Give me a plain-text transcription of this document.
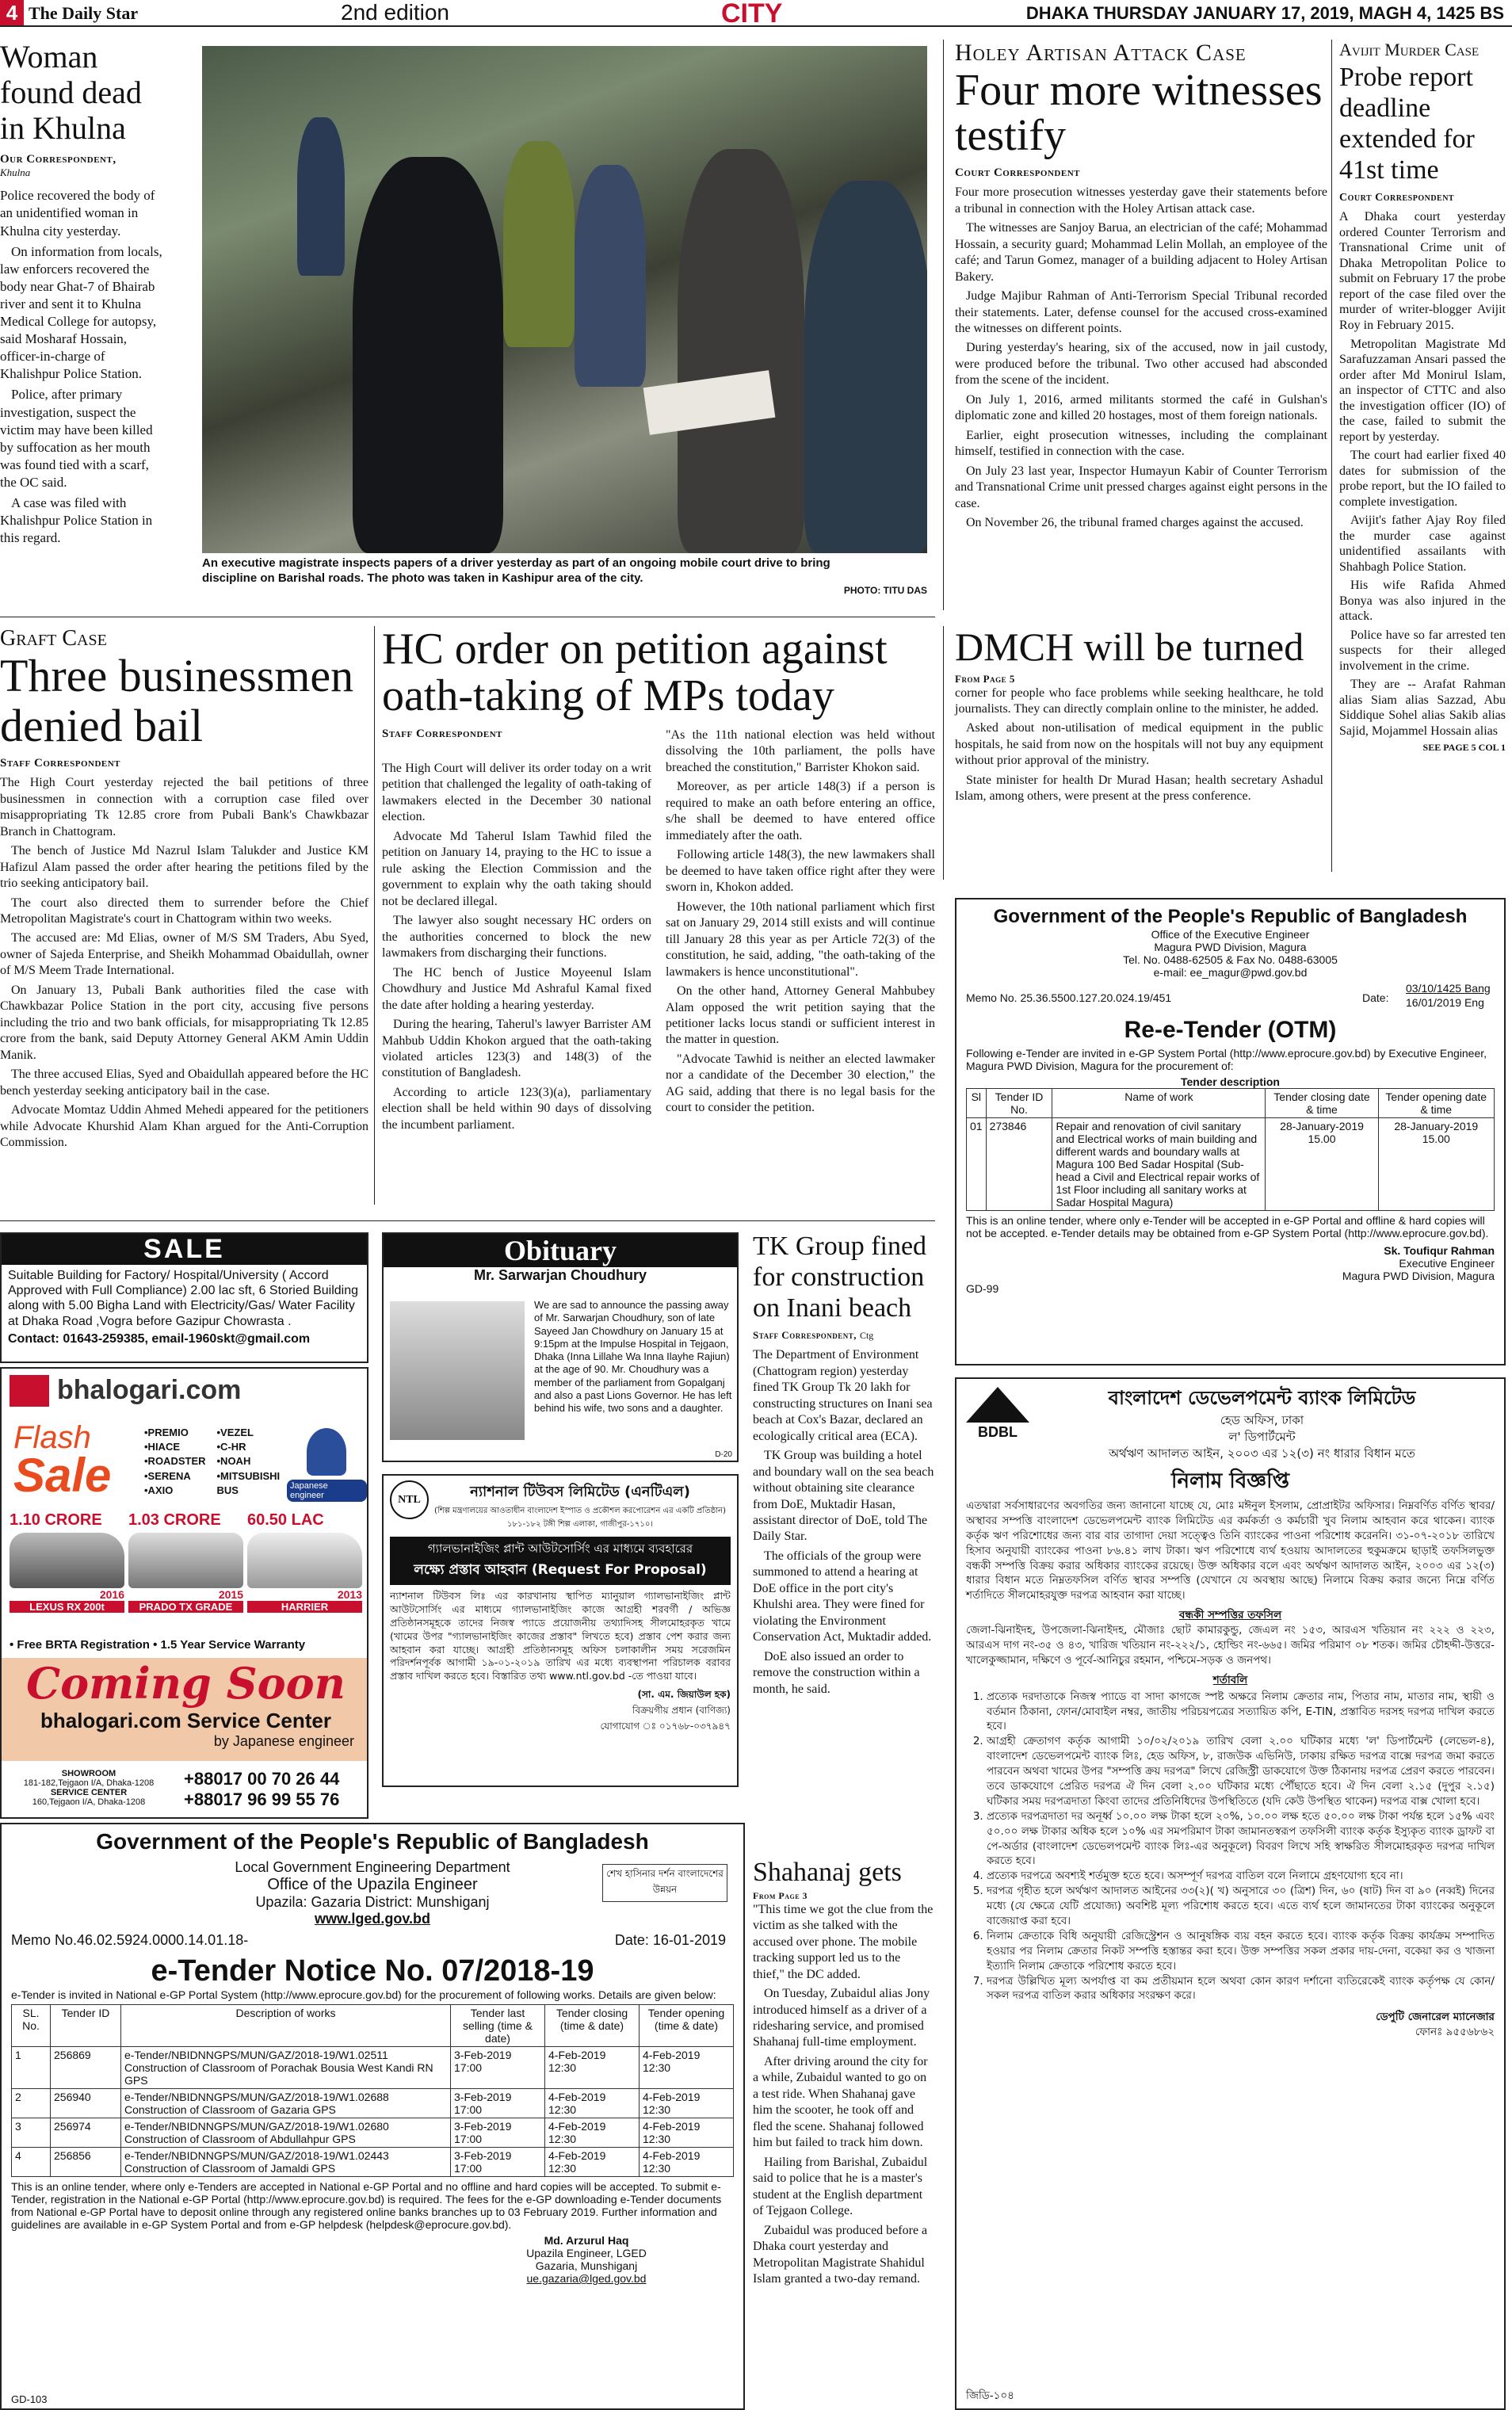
4 The Daily Star	2nd edition	CITY	DHAKA THURSDAY JANUARY 17, 2019, MAGH 4, 1425 BS
Woman found dead in Khulna
Our Correspondent,
Khulna

Police recovered the body of an unidentified woman in Khulna city yesterday.

On information from locals, law enforcers recovered the body near Ghat-7 of Bhairab river and sent it to Khulna Medical College for autopsy, said Mosharaf Hossain, officer-in-charge of Khalishpur Police Station.

Police, after primary investigation, suspect the victim may have been killed by suffocation as her mouth was found tied with a scarf, the OC said.

A case was filed with Khalishpur Police Station in this regard.

An executive magistrate inspects papers of a driver yesterday as part of an ongoing mobile court drive to bring discipline on Barishal roads. The photo was taken in Kashipur area of the city.
PHOTO: TITU DAS
Holey Artisan Attack Case
Four more witnesses testify
Court Correspondent

Four more prosecution witnesses yesterday gave their statements before a tribunal in connection with the Holey Artisan attack case.

The witnesses are Sanjoy Barua, an electrician of the café; Mohammad Hossain, a security guard; Mohammad Lelin Mollah, an employee of the café; and Tarun Gomez, manager of a building adjacent to Holey Artisan Bakery.

Judge Majibur Rahman of Anti-Terrorism Special Tribunal recorded their statements. Later, defense counsel for the accused cross-examined the witnesses on different points.

During yesterday's hearing, six of the accused, now in jail custody, were produced before the tribunal. Two other accused had absconded from the scene of the incident.

On July 1, 2016, armed militants stormed the café in Gulshan's diplomatic zone and killed 20 hostages, most of them foreign nationals.

Earlier, eight prosecution witnesses, including the complainant himself, testified in connection with the case.

On July 23 last year, Inspector Humayun Kabir of Counter Terrorism and Transnational Crime unit pressed charges against eight persons in the case.

On November 26, the tribunal framed charges against the accused.

Avijit Murder Case
Probe report deadline extended for 41st time
Court Correspondent

A Dhaka court yesterday ordered Counter Terrorism and Transnational Crime unit of Dhaka Metropolitan Police to submit on February 17 the probe report of the case filed over the murder of writer-blogger Avijit Roy in February 2015.

Metropolitan Magistrate Md Sarafuzzaman Ansari passed the order after Md Monirul Islam, an inspector of CTTC and also the investigation officer (IO) of the case, failed to submit the report by yesterday.

The court had earlier fixed 40 dates for submission of the probe report, but the IO failed to complete investigation.

Avijit's father Ajay Roy filed the murder case against unidentified assailants with Shahbagh Police Station.

His wife Rafida Ahmed Bonya was also injured in the attack.

Police have so far arrested ten suspects for their alleged involvement in the crime.

They are -- Arafat Rahman alias Siam alias Sazzad, Abu Siddique Sohel alias Sakib alias Sajid, Mojammel Hossain alias

SEE PAGE 5 COL 1
Graft Case
Three businessmen denied bail
Staff Correspondent

The High Court yesterday rejected the bail petitions of three businessmen in connection with a corruption case filed over misappropriating Tk 12.85 crore from Pubali Bank's Chawkbazar Branch in Chattogram.

The bench of Justice Md Nazrul Islam Talukder and Justice KM Hafizul Alam passed the order after hearing the petitions filed by the trio seeking anticipatory bail.

The court also directed them to surrender before the Chief Metropolitan Magistrate's court in Chattogram within two weeks.

The accused are: Md Elias, owner of M/S SM Traders, Abu Syed, owner of Sajeda Enterprise, and Sheikh Mohammad Obaidullah, owner of M/S Meem Trade International.

On January 13, Pubali Bank authorities filed the case with Chawkbazar Police Station in the port city, accusing five persons including the trio and two bank officials, for misappropriating Tk 12.85 crore from the bank, said Deputy Attorney General AKM Amin Uddin Manik.

The three accused Elias, Syed and Obaidullah appeared before the HC bench yesterday seeking anticipatory bail in the case.

Advocate Momtaz Uddin Ahmed Mehedi appeared for the petitioners while Advocate Khurshid Alam Khan argued for the Anti-Corruption Commission.

HC order on petition against oath-taking of MPs today
Staff Correspondent

The High Court will deliver its order today on a writ petition that challenged the legality of oath-taking of lawmakers elected in the December 30 national election.

Advocate Md Taherul Islam Tawhid filed the petition on January 14, praying to the HC to issue a rule asking the Election Commission and the government to explain why the oath taking should not be declared illegal.

The lawyer also sought necessary HC orders on the authorities concerned to block the new lawmakers from discharging their functions.

The HC bench of Justice Moyeenul Islam Chowdhury and Justice Md Ashraful Kamal fixed the date after holding a hearing yesterday.

During the hearing, Taherul's lawyer Barrister AM Mahbub Uddin Khokon argued that the oath-taking violated articles 123(3) and 148(3) of the constitution of Bangladesh.

According to article 123(3)(a), parliamentary election shall be held within 90 days of dissolving the incumbent parliament.

"As the 11th national election was held without dissolving the 10th parliament, the polls have breached the constitution," Barrister Khokon said.

Moreover, as per article 148(3) if a person is required to make an oath before entering an office, s/he shall be deemed to have entered office immediately after the oath.

Following article 148(3), the new lawmakers shall be deemed to have taken office right after they were sworn in, Khokon added.

However, the 10th national parliament which first sat on January 29, 2014 still exists and will continue till January 28 this year as per Article 72(3) of the constitution, he said, adding, "the oath-taking of the lawmakers is hence unconstitutional".

On the other hand, Attorney General Mahbubey Alam opposed the writ petition saying that the petitioner lacks locus standi or sufficient interest in the matter in question.

"Advocate Tawhid is neither an elected lawmaker nor a candidate of the December 30 election," the AG said, adding that there is no legal basis for the court to consider the petition.

DMCH will be turned
From Page 5

corner for people who face problems while seeking healthcare, he told journalists. They can directly complain online to the minister, he added.

Asked about non-utilisation of medical equipment in the public hospitals, he said from now on the hospitals will not buy any equipment without prior approval of the ministry.

State minister for health Dr Murad Hasan; health secretary Ashadul Islam, among others, were present at the press conference.

Government of the People's Republic of Bangladesh
Office of the Executive Engineer
Magura PWD Division, Magura
Tel. No. 0488-62505 & Fax No. 0488-63005
e-mail: ee_magur@pwd.gov.bd
Memo No. 25.36.5500.127.20.024.19/451	Date:
03/10/1425 Bang
16/01/2019 Eng
Re-e-Tender (OTM)
Following e-Tender are invited in e-GP System Portal (http://www.eprocure.gov.bd) by Executive Engineer, Magura PWD Division, Magura for the procurement of:
Tender description
Sl	Tender ID No.	Name of work	Tender closing date & time	Tender opening date & time
01	273846	Repair and renovation of civil sanitary and Electrical works of main building and different wards and boundary walls at Magura 100 Bed Sadar Hospital (Sub-head a Civil and Electrical repair works of 1st Floor including all sanitary works at Sadar Hospital Magura)	28-January-2019 15.00	28-January-2019 15.00
This is an online tender, where only e-Tender will be accepted in e-GP Portal and offline & hard copies will not be accepted. e-Tender details may be obtained from e-GP System Portal (http://www.eprocure.gov.bd).
Sk. Toufiqur Rahman
Executive Engineer
Magura PWD Division, Magura
GD-99
SALE
Suitable Building for Factory/ Hospital/University ( Accord Approved with Full Compliance) 2.00 lac sft, 6 Storied Building along with 5.00 Bigha Land with Electricity/Gas/ Water Facility at Dhaka Road ,Vogra before Gazipur Chowrasta .
Contact: 01643-259385, email-1960skt@gmail.com
bhalogari.com
Flash
Sale
•PREMIO
•HIACE
•ROADSTER
•SERENA
•AXIO
•VEZEL
•C-HR
•NOAH
•MITSUBISHI BUS	Japanese engineer
1.10 CRORE
2016
LEXUS RX 200t
1.03 CRORE
2015
PRADO TX GRADE
60.50 LAC
2013
HARRIER
• Free BRTA Registration • 1.5 Year Service Warranty
Coming Soon
bhalogari.com Service Center
by Japanese engineer
SHOWROOM
181-182,Tejgaon I/A, Dhaka-1208
SERVICE CENTER
160,Tejgaon I/A, Dhaka-1208
+88017 00 70 26 44
+88017 96 99 55 76
Obituary
Mr. Sarwarjan Choudhury
We are sad to announce the passing away of Mr. Sarwarjan Choudhury, son of late Sayeed Jan Chowdhury on January 15 at 9:15pm at the Impulse Hospital in Tejgaon, Dhaka (Inna Lillahe Wa Inna Ilayhe Rajiun) at the age of 90. Mr. Choudhury was a member of the parliament from Gopalganj and also a past Lions Governor. He has left behind his wife, two sons and a daughter.
D-20
NTL	ন্যাশনাল টিউবস লিমিটেড (এনটিএল)
(শিল্প মন্ত্রণালয়ের আওতাধীন বাংলাদেশ ইস্পাত ও প্রকৌশল করপোরেশন এর একটি প্রতিষ্ঠান)
১৮১-১৮২ টঙ্গী শিল্প এলাকা, গাজীপুর-১৭১০।
গ্যালভানাইজিং প্লান্ট আউটসোর্সিং এর মাধ্যমে ব্যবহারের
লক্ষ্যে প্রস্তাব আহবান (Request For Proposal)
ন্যাশনাল টিউবস লিঃ এর কারখানায় স্থাপিত ম্যানুয়াল গ্যালভানাইজিং প্লান্ট আউটসোর্সিং এর মাধ্যমে গ্যালভানাইজিং কাজে আগ্রহী শরবর্গী / অভিজ্ঞ প্রতিষ্ঠানসমূহকে তাদের নিজস্ব প্যাডে প্রয়োজনীয় তথ্যাদিসহ সীলমোহরকৃত খামে (খামের উপর "গ্যালভানাইজিং কাজের প্রস্তাব" লিখতে হবে) প্রস্তাব পেশ করার জন্য আহবান করা যাচ্ছে। আগ্রহী প্রতিষ্ঠানসমূহ অফিস চলাকালীন সময় সরেজমিন পরিদর্শনপূর্বক আগামী ১৯-০১-২০১৯ তারিখ এর মধ্যে ব্যবস্থাপনা পরিচালক বরাবর প্রস্তাব দাখিল করতে হবে। বিস্তারিত তথ্য www.ntl.gov.bd -তে পাওয়া যাবে।
(সা. এম. জিয়াউল হক)
বিক্রয়গীয় প্রধান (বাণিজ্য)
যোগাযোগ ঃ ০১৭৬৮-০৩৭৯৪৭
TK Group fined for construction on Inani beach
Staff Correspondent, Ctg

The Department of Environment (Chattogram region) yesterday fined TK Group Tk 20 lakh for constructing structures on Inani sea beach at Cox's Bazar, declared an ecologically critical area (ECA).

TK Group was building a hotel and boundary wall on the sea beach without obtaining site clearance from DoE, Muktadir Hasan, assistant director of DoE, told The Daily Star.

The officials of the group were summoned to attend a hearing at DoE office in the port city's Khulshi area. They were fined for violating the Environment Conservation Act, Muktadir added.

DoE also issued an order to remove the construction within a month, he said.

Shahanaj gets
From Page 3

"This time we got the clue from the victim as she talked with the accused over phone. The mobile tracking support led us to the thief," the DC added.

On Tuesday, Zubaidul alias Jony introduced himself as a driver of a ridesharing service, and promised Shahanaj full-time employment.

After driving around the city for a while, Zubaidul wanted to go on a test ride. When Shahanaj gave him the scooter, he took off and fled the scene. Shahanaj followed him but failed to track him down.

Hailing from Barishal, Zubaidul said to police that he is a master's student at the English department of Tejgaon College.

Zubaidul was produced before a Dhaka court yesterday and Metropolitan Magistrate Shahidul Islam granted a two-day remand.

Government of the People's Republic of Bangladesh
শেখ হাসিনার দর্শন বাংলাদেশের উন্নয়ন
Local Government Engineering Department
Office of the Upazila Engineer
Upazila: Gazaria District: Munshiganj
www.lged.gov.bd
Memo No.46.02.5924.0000.14.01.18-	Date: 16-01-2019
e-Tender Notice No. 07/2018-19
e-Tender is invited in National e-GP Portal System (http://www.eprocure.gov.bd) for the procurement of following works. Details are given below:
SL. No.	Tender ID	Description of works	Tender last selling (time & date)	Tender closing (time & date)	Tender opening (time & date)
1	256869	e-Tender/NBIDNNGPS/MUN/GAZ/2018-19/W1.02511 Construction of Classroom of Porachak Bousia West Kandi RN GPS	3-Feb-2019 17:00	4-Feb-2019 12:30	4-Feb-2019 12:30
2	256940	e-Tender/NBIDNNGPS/MUN/GAZ/2018-19/W1.02688 Construction of Classroom of Gazaria GPS	3-Feb-2019 17:00	4-Feb-2019 12:30	4-Feb-2019 12:30
3	256974	e-Tender/NBIDNNGPS/MUN/GAZ/2018-19/W1.02680 Construction of Classroom of Abdullahpur GPS	3-Feb-2019 17:00	4-Feb-2019 12:30	4-Feb-2019 12:30
4	256856	e-Tender/NBIDNNGPS/MUN/GAZ/2018-19/W1.02443 Construction of Classroom of Jamaldi GPS	3-Feb-2019 17:00	4-Feb-2019 12:30	4-Feb-2019 12:30
This is an online tender, where only e-Tenders are accepted in National e-GP Portal and no offline and hard copies will be accepted. To submit e-Tender, registration in the National e-GP Portal (http://www.eprocure.gov.bd) is required. The fees for the e-GP downloading e-Tender documents from National e-GP Portal have to deposit online through any registered online banks branches up to 03 February 2019. Further information and guidelines are available in e-GP System Portal and from e-GP helpdesk (helpdesk@eprocure.gov.bd).
Md. Arzurul Haq
Upazila Engineer, LGED
Gazaria, Munshiganj
ue.gazaria@lged.gov.bd
GD-103
BDBL
বাংলাদেশ ডেভেলপমেন্ট ব্যাংক লিমিটেড
হেড অফিস, ঢাকা
ল' ডিপার্টমেন্ট
অর্থঋণ আদালত আইন, ২০০৩ এর ১২(৩) নং ধারার বিধান মতে
নিলাম বিজ্ঞপ্তি
এতদ্বারা সর্বসাধারণের অবগতির জন্য জানানো যাচ্ছে যে, মোঃ মঈনুল ইসলাম, প্রোপ্রাইটর অফিসার। নিম্নবর্ণিত বর্ণিত স্থাবর/অস্থাবর সম্পত্তি বাংলাদেশ ডেভেলপমেন্ট ব্যাংক লিমিটেড এর কর্মকর্তা ও কর্মচারী খুব নিলাম আহবান করে থাকেন। ব্যাংক কর্তৃক ঋণ পরিশোধের জন্য বার বার তাগাদা দেয়া সত্ত্বেও তিনি ব্যাংকের পাওনা পরিশোধ করেননি। ৩১-০৭-২০১৮ তারিখে হিসাব অনুযায়ী ব্যাংকের পাওনা ৮৬.৪১ লাখ টাকা। ঋণ পরিশোধে ব্যর্থ হওয়ায় আদালতের হুকুমক্রমে ছাড়াই তফসিলভুক্ত বন্ধকী সম্পত্তি বিক্রয় করার অধিকার ব্যাংকের রয়েছে। উক্ত অধিকার বলে এবং অর্থঋণ আদালত আইন, ২০০৩ এর ১২(৩) ধারার বিধান মতে নিম্নতফসিল বর্ণিত স্থাবর সম্পত্তি (যেখানে যে অবস্থায় আছে) নিলামে বিক্রয় করার জন্যে নিম্নে বর্ণিত শর্তাদিতে সীলমোহরযুক্ত দরপত্র আহবান করা যাচ্ছে।
বন্ধকী সম্পত্তির তফসিল
জেলা-ঝিনাইদহ, উপজেলা-ঝিনাইদহ, মৌজাঃ ছোট কামারকুন্ডু, জেএল নং ১৫৩, আরএস খতিয়ান নং ২২২ ও ২২৩, আরএস দাগ নং-৩৫ ও ৪৩, খারিজ খতিয়ান নং-২২২/১, হোল্ডিং নং-৬৬৫। জমির পরিমাণ ০৮ শতক। জমির চৌহদ্দী-উত্তরে-খালেকুজ্জামান, দক্ষিণে ও পূর্বে-আনিচুর রহমান, পশ্চিমে-সড়ক ও জনপথ।
শর্তাবলি
1. প্রত্যেক দরদাতাকে নিজস্ব প্যাডে বা সাদা কাগজে স্পষ্ট অক্ষরে নিলাম ক্রেতার নাম, পিতার নাম, মাতার নাম, স্থায়ী ও বর্তমান ঠিকানা, ফোন/মোবাইল নম্বর, জাতীয় পরিচয়পত্রের সত্যায়িত কপি, E-TIN, প্রস্তাবিত দরসহ দরপত্র দাখিল করতে হবে।
2. আগ্রহী ক্রেতাগণ কর্তৃক আগামী ১০/০২/২০১৯ তারিখ বেলা ২.০০ ঘটিকার মধ্যে 'ল' ডিপার্টমেন্ট (লেভেল-৪), বাংলাদেশ ডেভেলপমেন্ট ব্যাংক লিঃ, হেড অফিস, ৮, রাজউক এভিনিউ, ঢাকায় রক্ষিত দরপত্র বাক্সে দরপত্র জমা করতে পারবেন অথবা খামের উপর "সম্পত্তি ক্রয় দরপত্র" লিখে রেজিস্ট্রী ডাকযোগে উক্ত ঠিকানায় দরপত্র প্রেরণ করতে পারবেন। তবে ডাকযোগে প্রেরিত দরপত্র ঐ দিন বেলা ২.০০ ঘটিকার মধ্যে পৌঁছাতে হবে। ঐ দিন বেলা ২.১৫ (দুপুর ২.১৫) ঘটিকার সময় দরপত্রদাতা কিংবা তাদের প্রতিনিধিদের উপস্থিতিতে (যদি কেউ উপস্থিত থাকেন) দরপত্র বাক্স খোলা হবে।
3. প্রত্যেক দরপত্রদাতা দর অনূর্ধ্ব ১০.০০ লক্ষ টাকা হলে ২০%, ১০.০০ লক্ষ হতে ৫০.০০ লক্ষ টাকা পর্যন্ত হলে ১৫% এবং ৫০.০০ লক্ষ টাকার অধিক হলে ১০% এর সমপরিমাণ টাকা জামানতস্বরূপ তফসিলী ব্যাংক কর্তৃক ইস্যুকৃত ব্যাংক ড্রাফট বা পে-অর্ডার (বাংলাদেশ ডেভেলপমেন্ট ব্যাংক লিঃ-এর অনুকূলে) বিবরণ লিখে সহি স্বাক্ষরিত সীলমোহরকৃত দরপত্র দাখিল করতে হবে।
4. প্রত্যেক দরপত্রে অবশ্যই শর্তমুক্ত হতে হবে। অসম্পূর্ণ দরপত্র বাতিল বলে নিলামে গ্রহণযোগ্য হবে না।
5. দরপত্র গৃহীত হলে অর্থঋণ আদালত আইনের ৩৩(২)( খ) অনুসারে ৩০ (ত্রিশ) দিন, ৬০ (ষাট) দিন বা ৯০ (নব্বই) দিনের মধ্যে (যে ক্ষেত্রে যেটি প্রযোজ্য) অবশিষ্ট মূল্য পরিশোধ করতে হবে। এতে ব্যর্থ হলে জামানতের টাকা ব্যাংকের অনুকূলে বাজেয়াপ্ত করা হবে।
6. নিলাম ক্রেতাকে বিধি অনুযায়ী রেজিস্ট্রেশন ও আনুষঙ্গিক ব্যয় বহন করতে হবে। ব্যাংক কর্তৃক বিক্রয় কার্যক্রম সম্পাদিত হওয়ার পর নিলাম ক্রেতার নিকট সম্পত্তি হস্তান্তর করা হবে। উক্ত সম্পত্তির সকল প্রকার দায়-দেনা, বকেয়া কর ও খাজনা ইত্যাদি নিলাম ক্রেতাকে পরিশোধ করতে হবে।
7. দরপত্র উল্লিখিত মূল্য অপর্যাপ্ত বা কম প্রতীয়মান হলে অথবা কোন কারণ দর্শানো ব্যতিরেকেই ব্যাংক কর্তৃপক্ষ যে কোন/সকল দরপত্র বাতিল করার অধিকার সংরক্ষণ করে।
ডেপুটি জেনারেল ম্যানেজার
ফোনঃ ৯৫৫৬৮৬২
জিডি-১০৪
